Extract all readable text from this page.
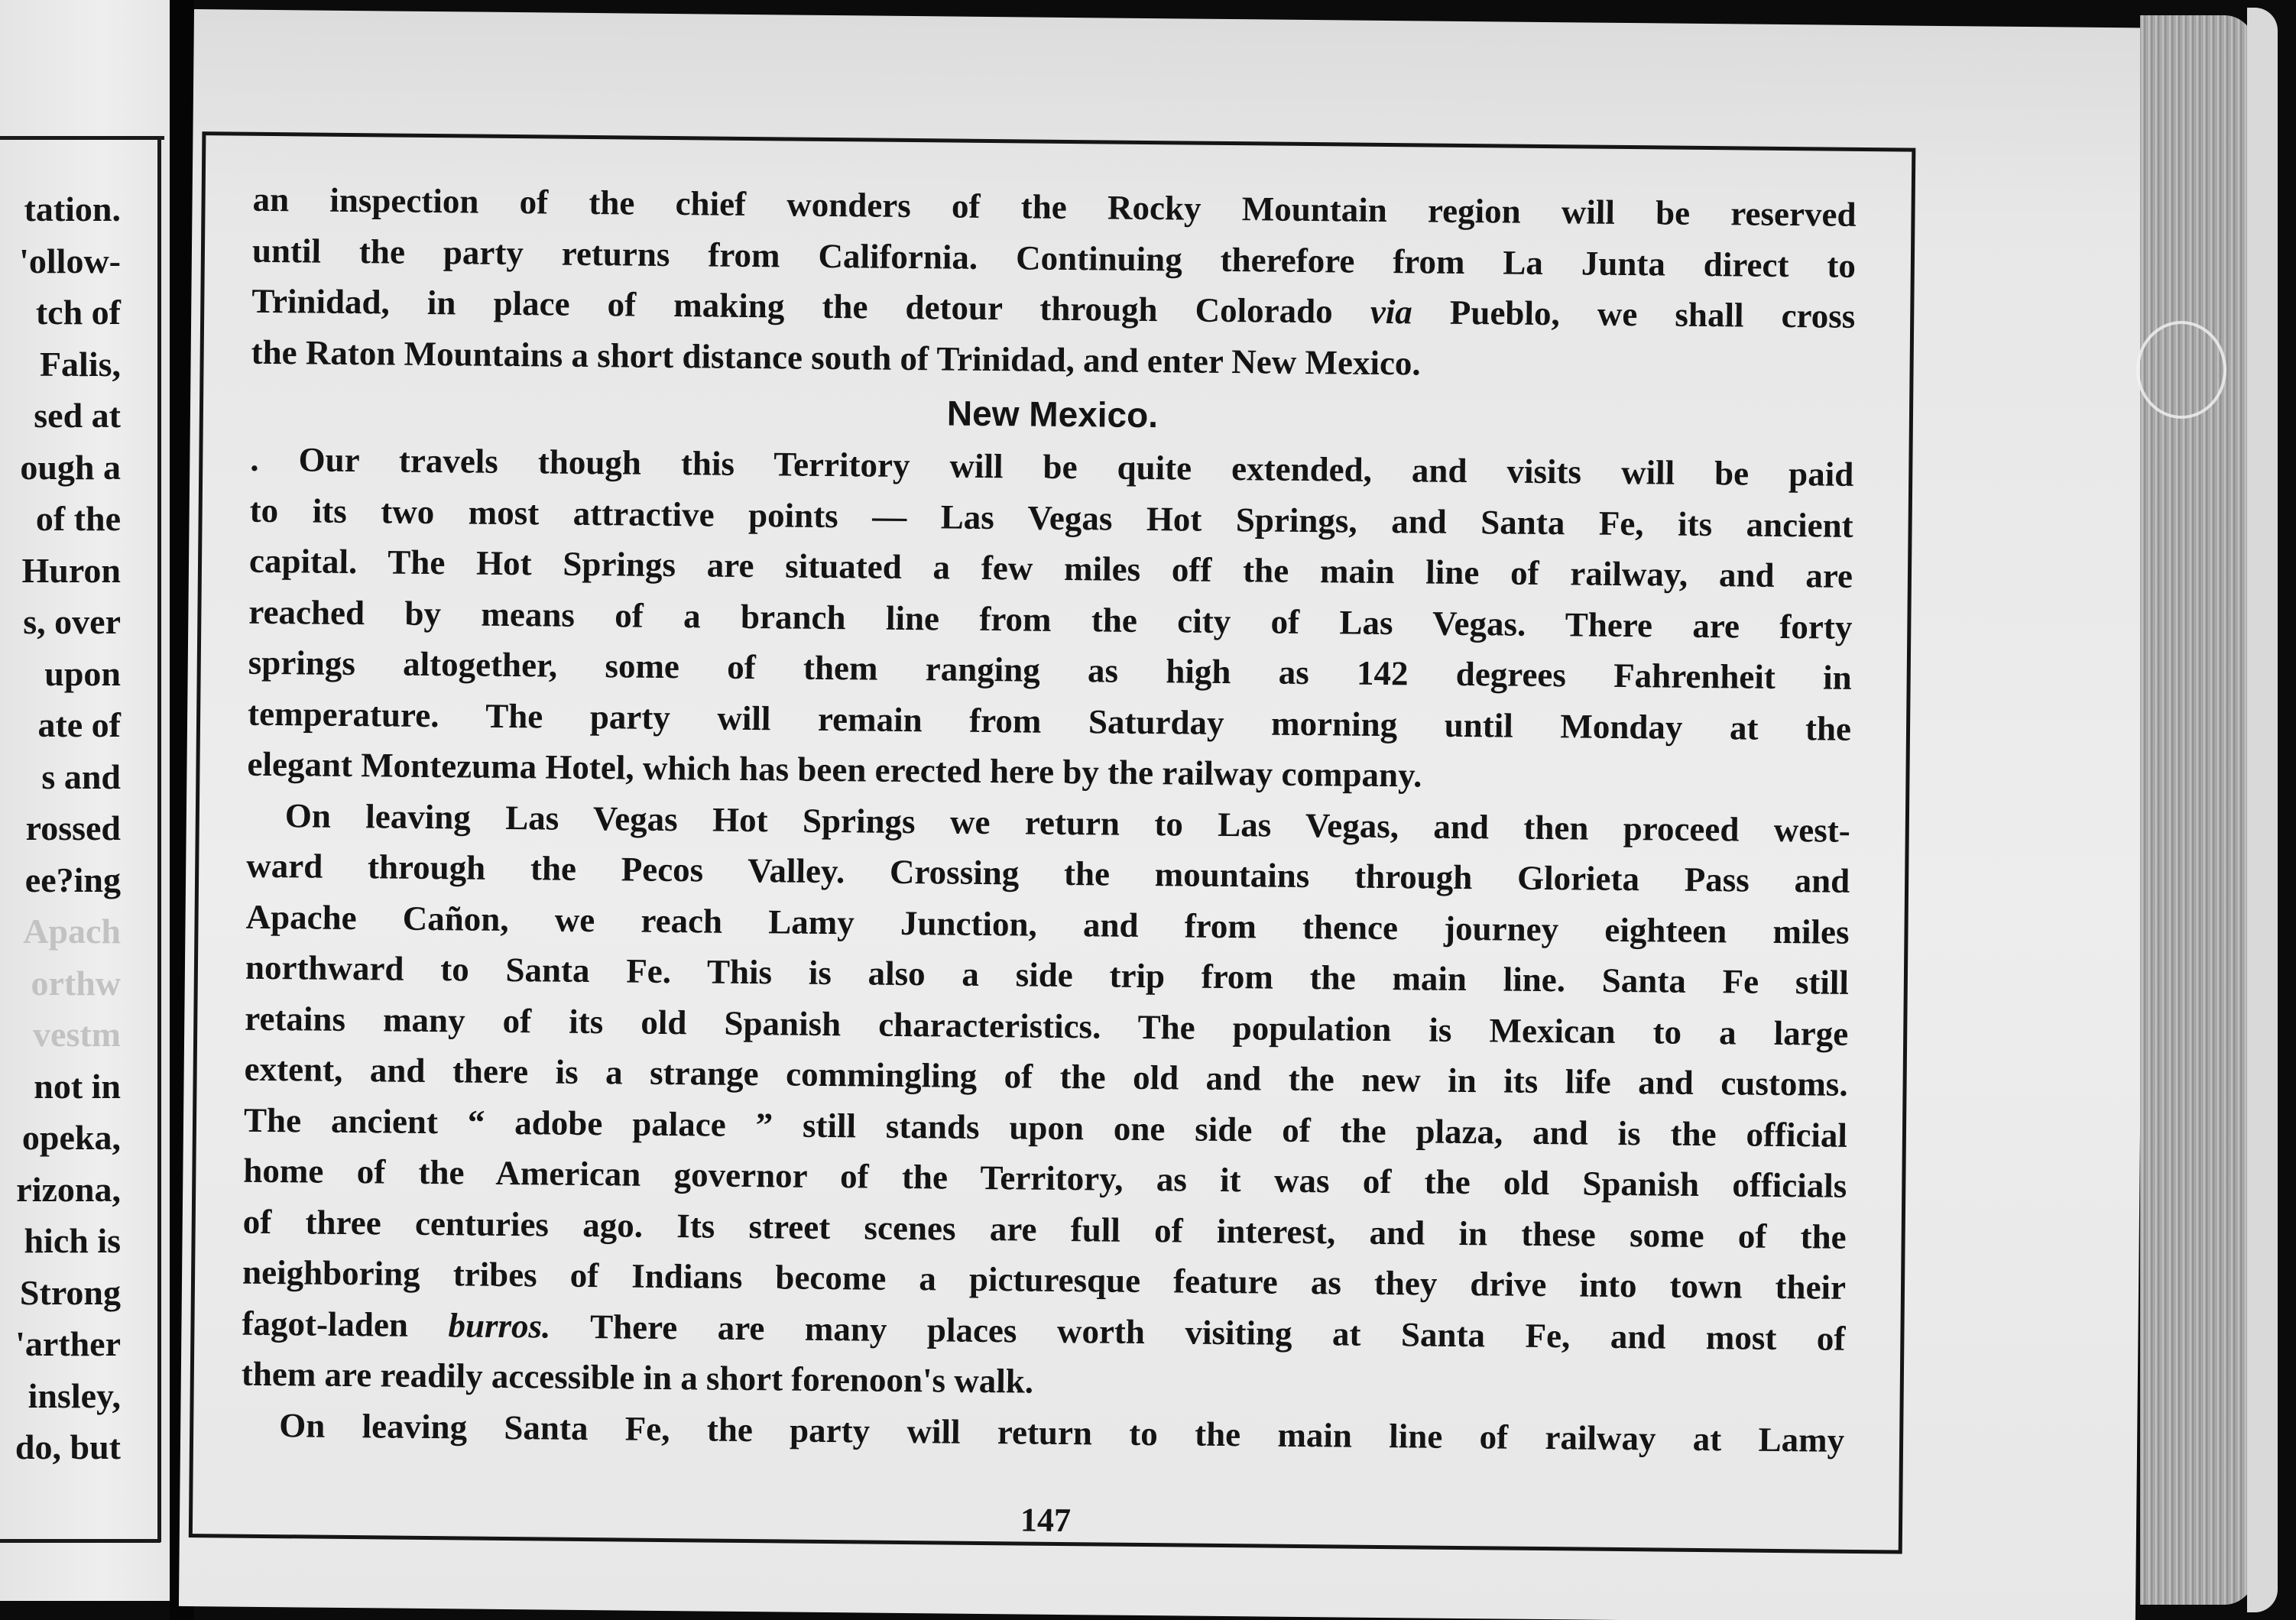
tation.
'ollow-
tch of
Falis,
sed at
ough a
of the
Huron
s, over
upon
ate of
s and
rossed
ee?ing
Apach
orthw
vestm
not in
opeka,
rizona,
hich is
Strong
'arther
insley,
do, but
an inspection of the chief wonders of the Rocky Mountain region will be reserved
until the party returns from California. Continuing therefore from La Junta direct to
Trinidad, in place of making the detour through Colorado via Pueblo, we shall cross
the Raton Mountains a short distance south of Trinidad, and enter New Mexico.
New Mexico.
. Our travels though this Territory will be quite extended, and visits will be paid
to its two most attractive points — Las Vegas Hot Springs, and Santa Fe, its ancient
capital. The Hot Springs are situated a few miles off the main line of railway, and are
reached by means of a branch line from the city of Las Vegas. There are forty
springs altogether, some of them ranging as high as 142 degrees Fahrenheit in
temperature. The party will remain from Saturday morning until Monday at the
elegant Montezuma Hotel, which has been erected here by the railway company.
On leaving Las Vegas Hot Springs we return to Las Vegas, and then proceed west-
ward through the Pecos Valley. Crossing the mountains through Glorieta Pass and
Apache Cañon, we reach Lamy Junction, and from thence journey eighteen miles
northward to Santa Fe. This is also a side trip from the main line. Santa Fe still
retains many of its old Spanish characteristics. The population is Mexican to a large
extent, and there is a strange commingling of the old and the new in its life and customs.
The ancient “ adobe palace ” still stands upon one side of the plaza, and is the official
home of the American governor of the Territory, as it was of the old Spanish officials
of three centuries ago. Its street scenes are full of interest, and in these some of the
neighboring tribes of Indians become a picturesque feature as they drive into town their
fagot-laden burros. There are many places worth visiting at Santa Fe, and most of
them are readily accessible in a short forenoon's walk.
On leaving Santa Fe, the party will return to the main line of railway at Lamy
147
